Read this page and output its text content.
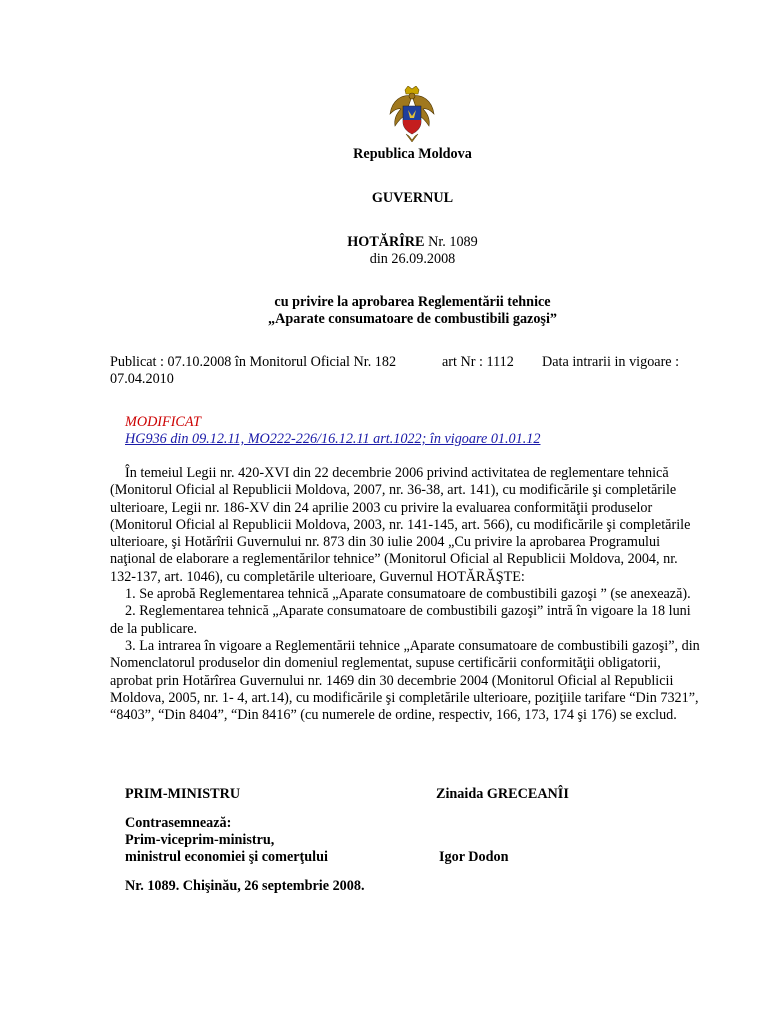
Republica Moldova
GUVERNUL
HOTĂRÎRE Nr. 1089
din 26.09.2008
cu privire la aprobarea Reglementării tehnice
„Aparate consumatoare de combustibili gazoşi”
Publicat : 07.10.2008 în Monitorul Oficial Nr. 182	art Nr : 1112 Data intrarii in vigoare :
07.04.2010
MODIFICAT
HG936 din 09.12.11, MO222-226/16.12.11 art.1022; în vigoare 01.01.12

În temeiul Legii nr. 420-XVI din 22 decembrie 2006 privind activitatea de reglementare tehnică (Monitorul Oficial al Republicii Moldova, 2007, nr. 36-38, art. 141), cu modificările şi completările ulterioare, Legii nr. 186-XV din 24 aprilie 2003 cu privire la evaluarea conformităţii produselor (Monitorul Oficial al Republicii Moldova, 2003, nr. 141-145, art. 566), cu modificările şi completările ulterioare, şi Hotărîrii Guvernului nr. 873 din 30 iulie 2004 „Cu privire la aprobarea Programului naţional de elaborare a reglementărilor tehnice” (Monitorul Oficial al Republicii Moldova, 2004, nr. 132-137, art. 1046), cu completările ulterioare, Guvernul HOTĂRĂŞTE:

1. Se aprobă Reglementarea tehnică „Aparate consumatoare de combustibili gazoşi ” (se anexează).

2. Reglementarea tehnică „Aparate consumatoare de combustibili gazoşi” intră în vigoare la 18 luni de la publicare.

3. La intrarea în vigoare a Reglementării tehnice „Aparate consumatoare de combustibili gazoşi”, din Nomenclatorul produselor din domeniul reglementat, supuse certificării conformităţii obligatorii, aprobat prin Hotărîrea Guvernului nr. 1469 din 30 decembrie 2004 (Monitorul Oficial al Republicii Moldova, 2005, nr. 1- 4, art.14), cu modificările şi completările ulterioare, poziţiile tarifare “Din 7321”, “8403”, “Din 8404”, “Din 8416” (cu numerele de ordine, respectiv, 166, 173, 174 şi 176) se exclud.

PRIM-MINISTRU	Zinaida GRECEANÎI
Contrasemnează:
Prim-viceprim-ministru,
ministrul economiei şi comerţului	Igor Dodon
Nr. 1089. Chişinău, 26 septembrie 2008.
